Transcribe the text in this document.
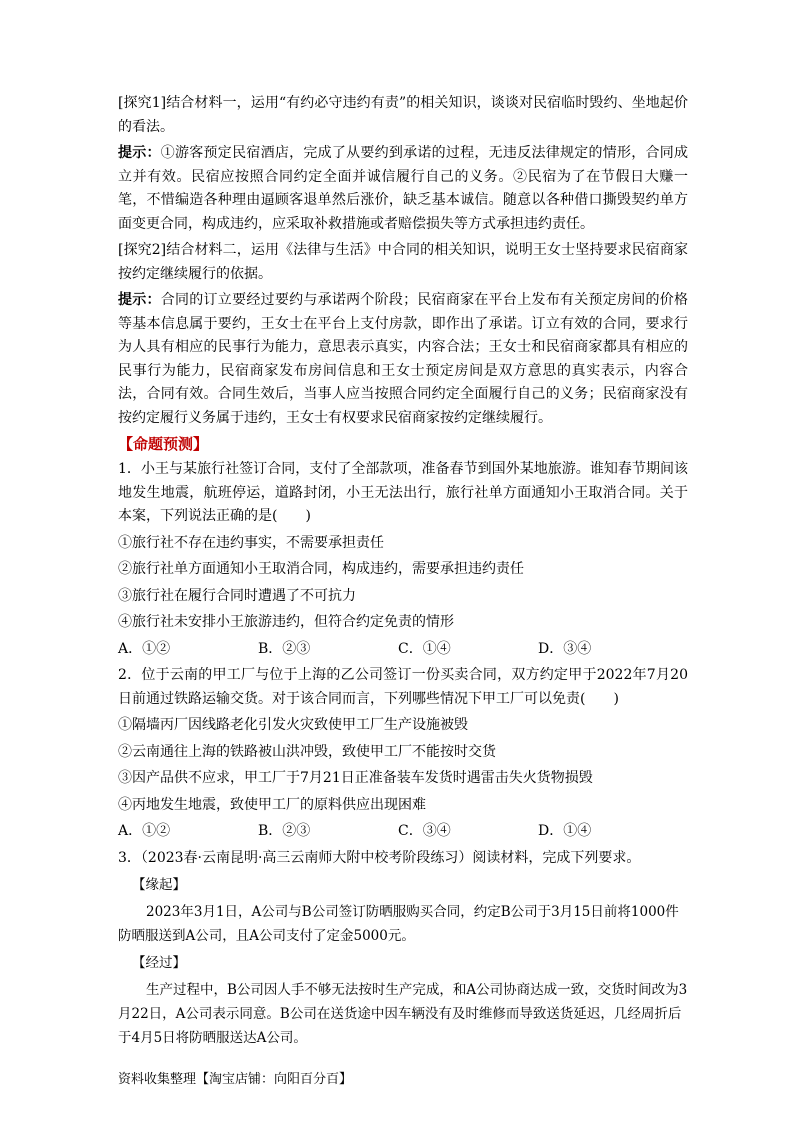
[探究1]结合材料一，运用“有约必守违约有责”的相关知识，谈谈对民宿临时毁约、坐地起价的看法。

提示：①游客预定民宿酒店，完成了从要约到承诺的过程，无违反法律规定的情形，合同成立并有效。民宿应按照合同约定全面并诚信履行自己的义务。②民宿为了在节假日大赚一笔，不惜编造各种理由逼顾客退单然后涨价，缺乏基本诚信。随意以各种借口撕毁契约单方面变更合同，构成违约，应采取补救措施或者赔偿损失等方式承担违约责任。

[探究2]结合材料二，运用《法律与生活》中合同的相关知识，说明王女士坚持要求民宿商家按约定继续履行的依据。

提示：合同的订立要经过要约与承诺两个阶段；民宿商家在平台上发布有关预定房间的价格等基本信息属于要约，王女士在平台上支付房款，即作出了承诺。订立有效的合同，要求行为人具有相应的民事行为能力，意思表示真实，内容合法；王女士和民宿商家都具有相应的民事行为能力，民宿商家发布房间信息和王女士预定房间是双方意思的真实表示，内容合法，合同有效。合同生效后，当事人应当按照合同约定全面履行自己的义务；民宿商家没有按约定履行义务属于违约，王女士有权要求民宿商家按约定继续履行。

【命题预测】

1．小王与某旅行社签订合同，支付了全部款项，准备春节到国外某地旅游。谁知春节期间该地发生地震，航班停运，道路封闭，小王无法出行，旅行社单方面通知小王取消合同。关于本案，下列说法正确的是(　　)

①旅行社不存在违约事实，不需要承担责任

②旅行社单方面通知小王取消合同，构成违约，需要承担违约责任

③旅行社在履行合同时遭遇了不可抗力

④旅行社未安排小王旅游违约，但符合约定免责的情形

A．①②	B．②③	C．①④	D．③④

2．位于云南的甲工厂与位于上海的乙公司签订一份买卖合同，双方约定甲于2022年7月20日前通过铁路运输交货。对于该合同而言，下列哪些情况下甲工厂可以免责(　　)

①隔墙丙厂因线路老化引发火灾致使甲工厂生产设施被毁

②云南通往上海的铁路被山洪冲毁，致使甲工厂不能按时交货

③因产品供不应求，甲工厂于7月21日正准备装车发货时遇雷击失火货物损毁

④丙地发生地震，致使甲工厂的原料供应出现困难

A．①②	B．②③	C．③④	D．①④

3．（2023春·云南昆明·高三云南师大附中校考阶段练习）阅读材料，完成下列要求。

【缘起】

2023年3月1日，A公司与B公司签订防晒服购买合同，约定B公司于3月15日前将1000件防晒服送到A公司，且A公司支付了定金5000元。

【经过】

生产过程中，B公司因人手不够无法按时生产完成，和A公司协商达成一致，交货时间改为3月22日，A公司表示同意。B公司在送货途中因车辆没有及时维修而导致送货延迟，几经周折后于4月5日将防晒服送达A公司。

资料收集整理【淘宝店铺：向阳百分百】
